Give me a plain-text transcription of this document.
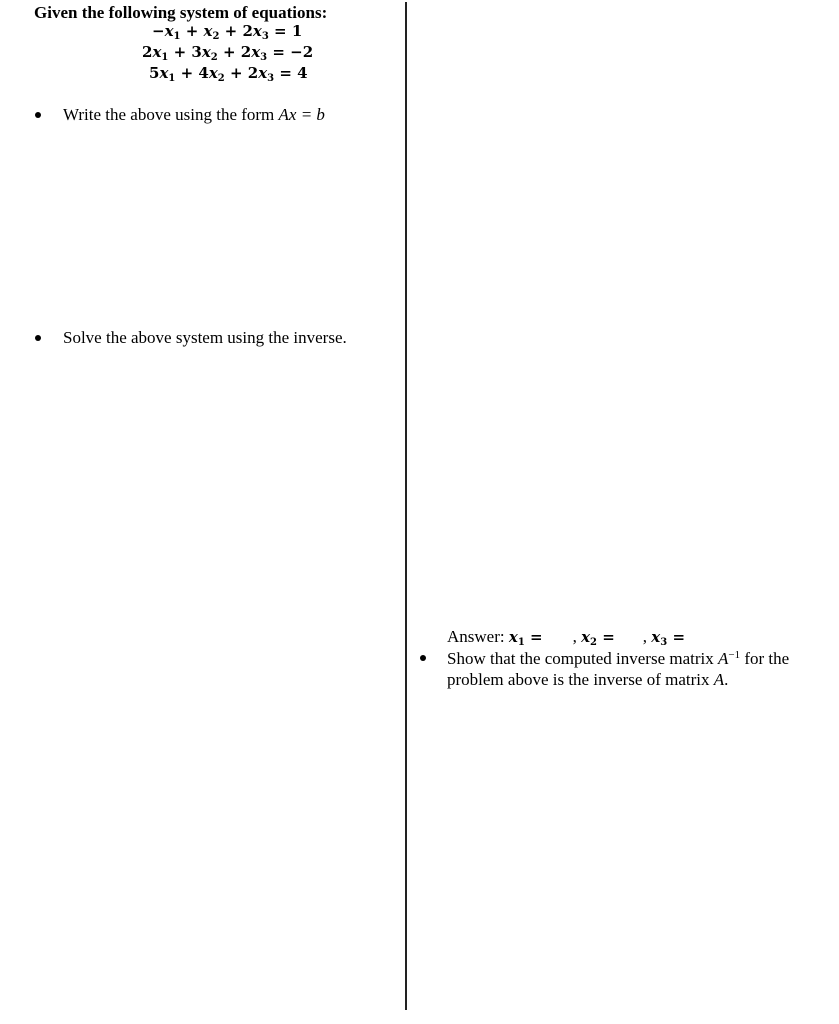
Given the following system of equations:
$-x_1 + x_2 + 2x_3 = 1$
$2x_1 + 3x_2 + 2x_3 = -2$
$5x_1 + 4x_2 + 2x_3 = 4$
Write the above using the form Ax = b
Solve the above system using the inverse.
Answer: $x_1$ = , $x_2$ = , $x_3$ =
Show that the computed inverse matrix $A^{-1}$ for the problem above is the inverse of matrix A.
